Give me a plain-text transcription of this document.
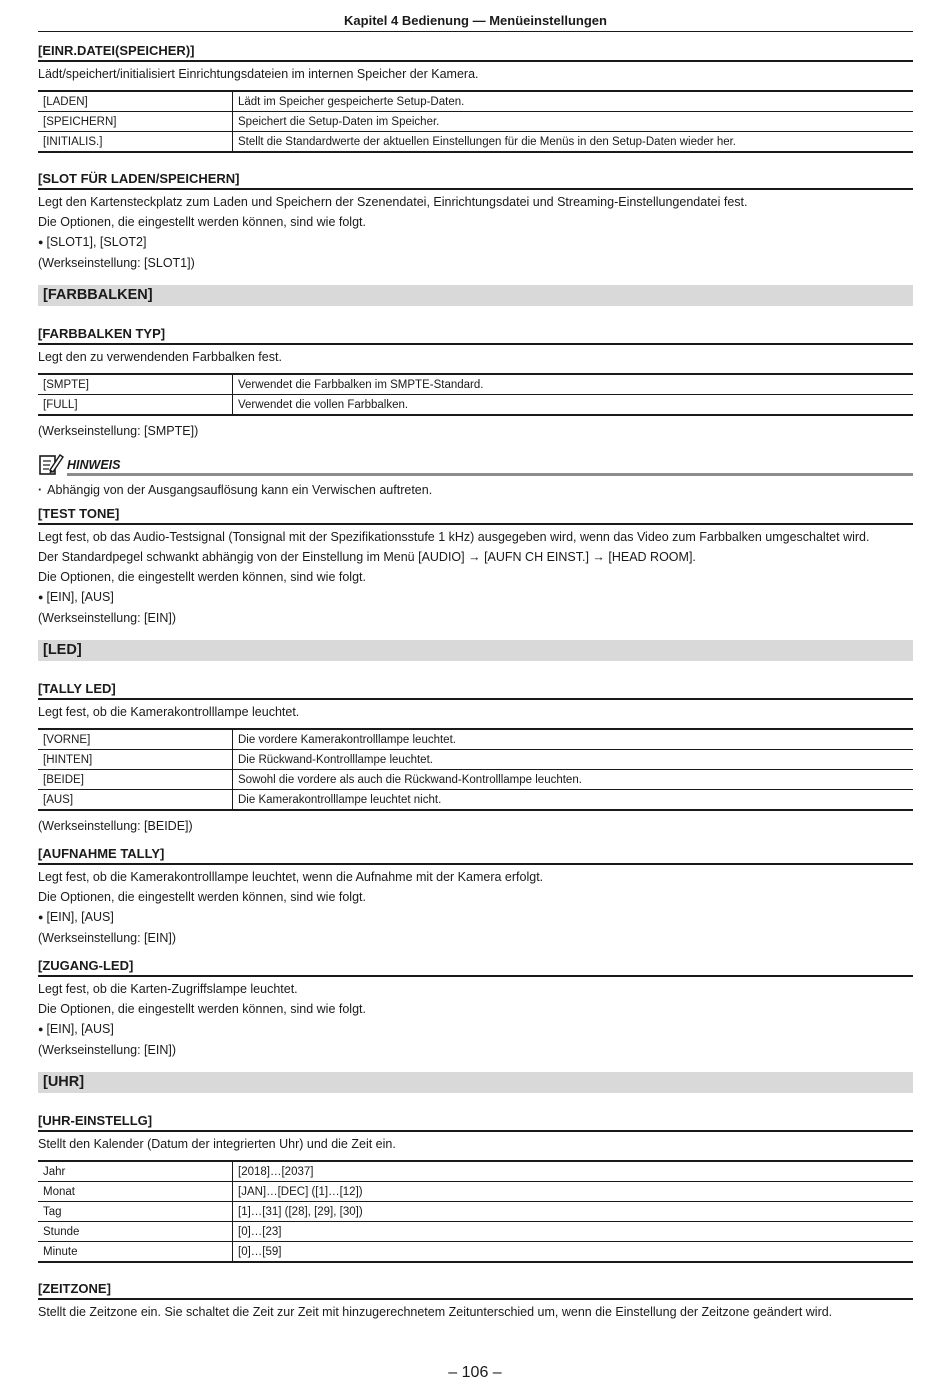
Kapitel 4 Bedienung — Menüeinstellungen
[EINR.DATEI(SPEICHER)]
Lädt/speichert/initialisiert Einrichtungsdateien im internen Speicher der Kamera.
[LADEN]	Lädt im Speicher gespeicherte Setup-Daten.
[SPEICHERN]	Speichert die Setup-Daten im Speicher.
[INITIALIS.]	Stellt die Standardwerte der aktuellen Einstellungen für die Menüs in den Setup-Daten wieder her.
[SLOT FÜR LADEN/SPEICHERN]
Legt den Kartensteckplatz zum Laden und Speichern der Szenendatei, Einrichtungsdatei und Streaming-Einstellungendatei fest.
Die Optionen, die eingestellt werden können, sind wie folgt.
● [SLOT1], [SLOT2]
(Werkseinstellung: [SLOT1])
[FARBBALKEN]
[FARBBALKEN TYP]
Legt den zu verwendenden Farbbalken fest.
[SMPTE]	Verwendet die Farbbalken im SMPTE-Standard.
[FULL]	Verwendet die vollen Farbbalken.
(Werkseinstellung: [SMPTE])
HINWEIS
· Abhängig von der Ausgangsauflösung kann ein Verwischen auftreten.
[TEST TONE]
Legt fest, ob das Audio-Testsignal (Tonsignal mit der Spezifikationsstufe 1 kHz) ausgegeben wird, wenn das Video zum Farbbalken umgeschaltet wird.
Der Standardpegel schwankt abhängig von der Einstellung im Menü [AUDIO] → [AUFN CH EINST.] → [HEAD ROOM].
Die Optionen, die eingestellt werden können, sind wie folgt.
● [EIN], [AUS]
(Werkseinstellung: [EIN])
[LED]
[TALLY LED]
Legt fest, ob die Kamerakontrolllampe leuchtet.
[VORNE]	Die vordere Kamerakontrolllampe leuchtet.
[HINTEN]	Die Rückwand-Kontrolllampe leuchtet.
[BEIDE]	Sowohl die vordere als auch die Rückwand-Kontrolllampe leuchten.
[AUS]	Die Kamerakontrolllampe leuchtet nicht.
(Werkseinstellung: [BEIDE])
[AUFNAHME TALLY]
Legt fest, ob die Kamerakontrolllampe leuchtet, wenn die Aufnahme mit der Kamera erfolgt.
Die Optionen, die eingestellt werden können, sind wie folgt.
● [EIN], [AUS]
(Werkseinstellung: [EIN])
[ZUGANG-LED]
Legt fest, ob die Karten-Zugriffslampe leuchtet.
Die Optionen, die eingestellt werden können, sind wie folgt.
● [EIN], [AUS]
(Werkseinstellung: [EIN])
[UHR]
[UHR-EINSTELLG]
Stellt den Kalender (Datum der integrierten Uhr) und die Zeit ein.
Jahr	[2018]…[2037]
Monat	[JAN]…[DEC] ([1]…[12])
Tag	[1]…[31] ([28], [29], [30])
Stunde	[0]…[23]
Minute	[0]…[59]
[ZEITZONE]
Stellt die Zeitzone ein. Sie schaltet die Zeit zur Zeit mit hinzugerechnetem Zeitunterschied um, wenn die Einstellung der Zeitzone geändert wird.
– 106 –
